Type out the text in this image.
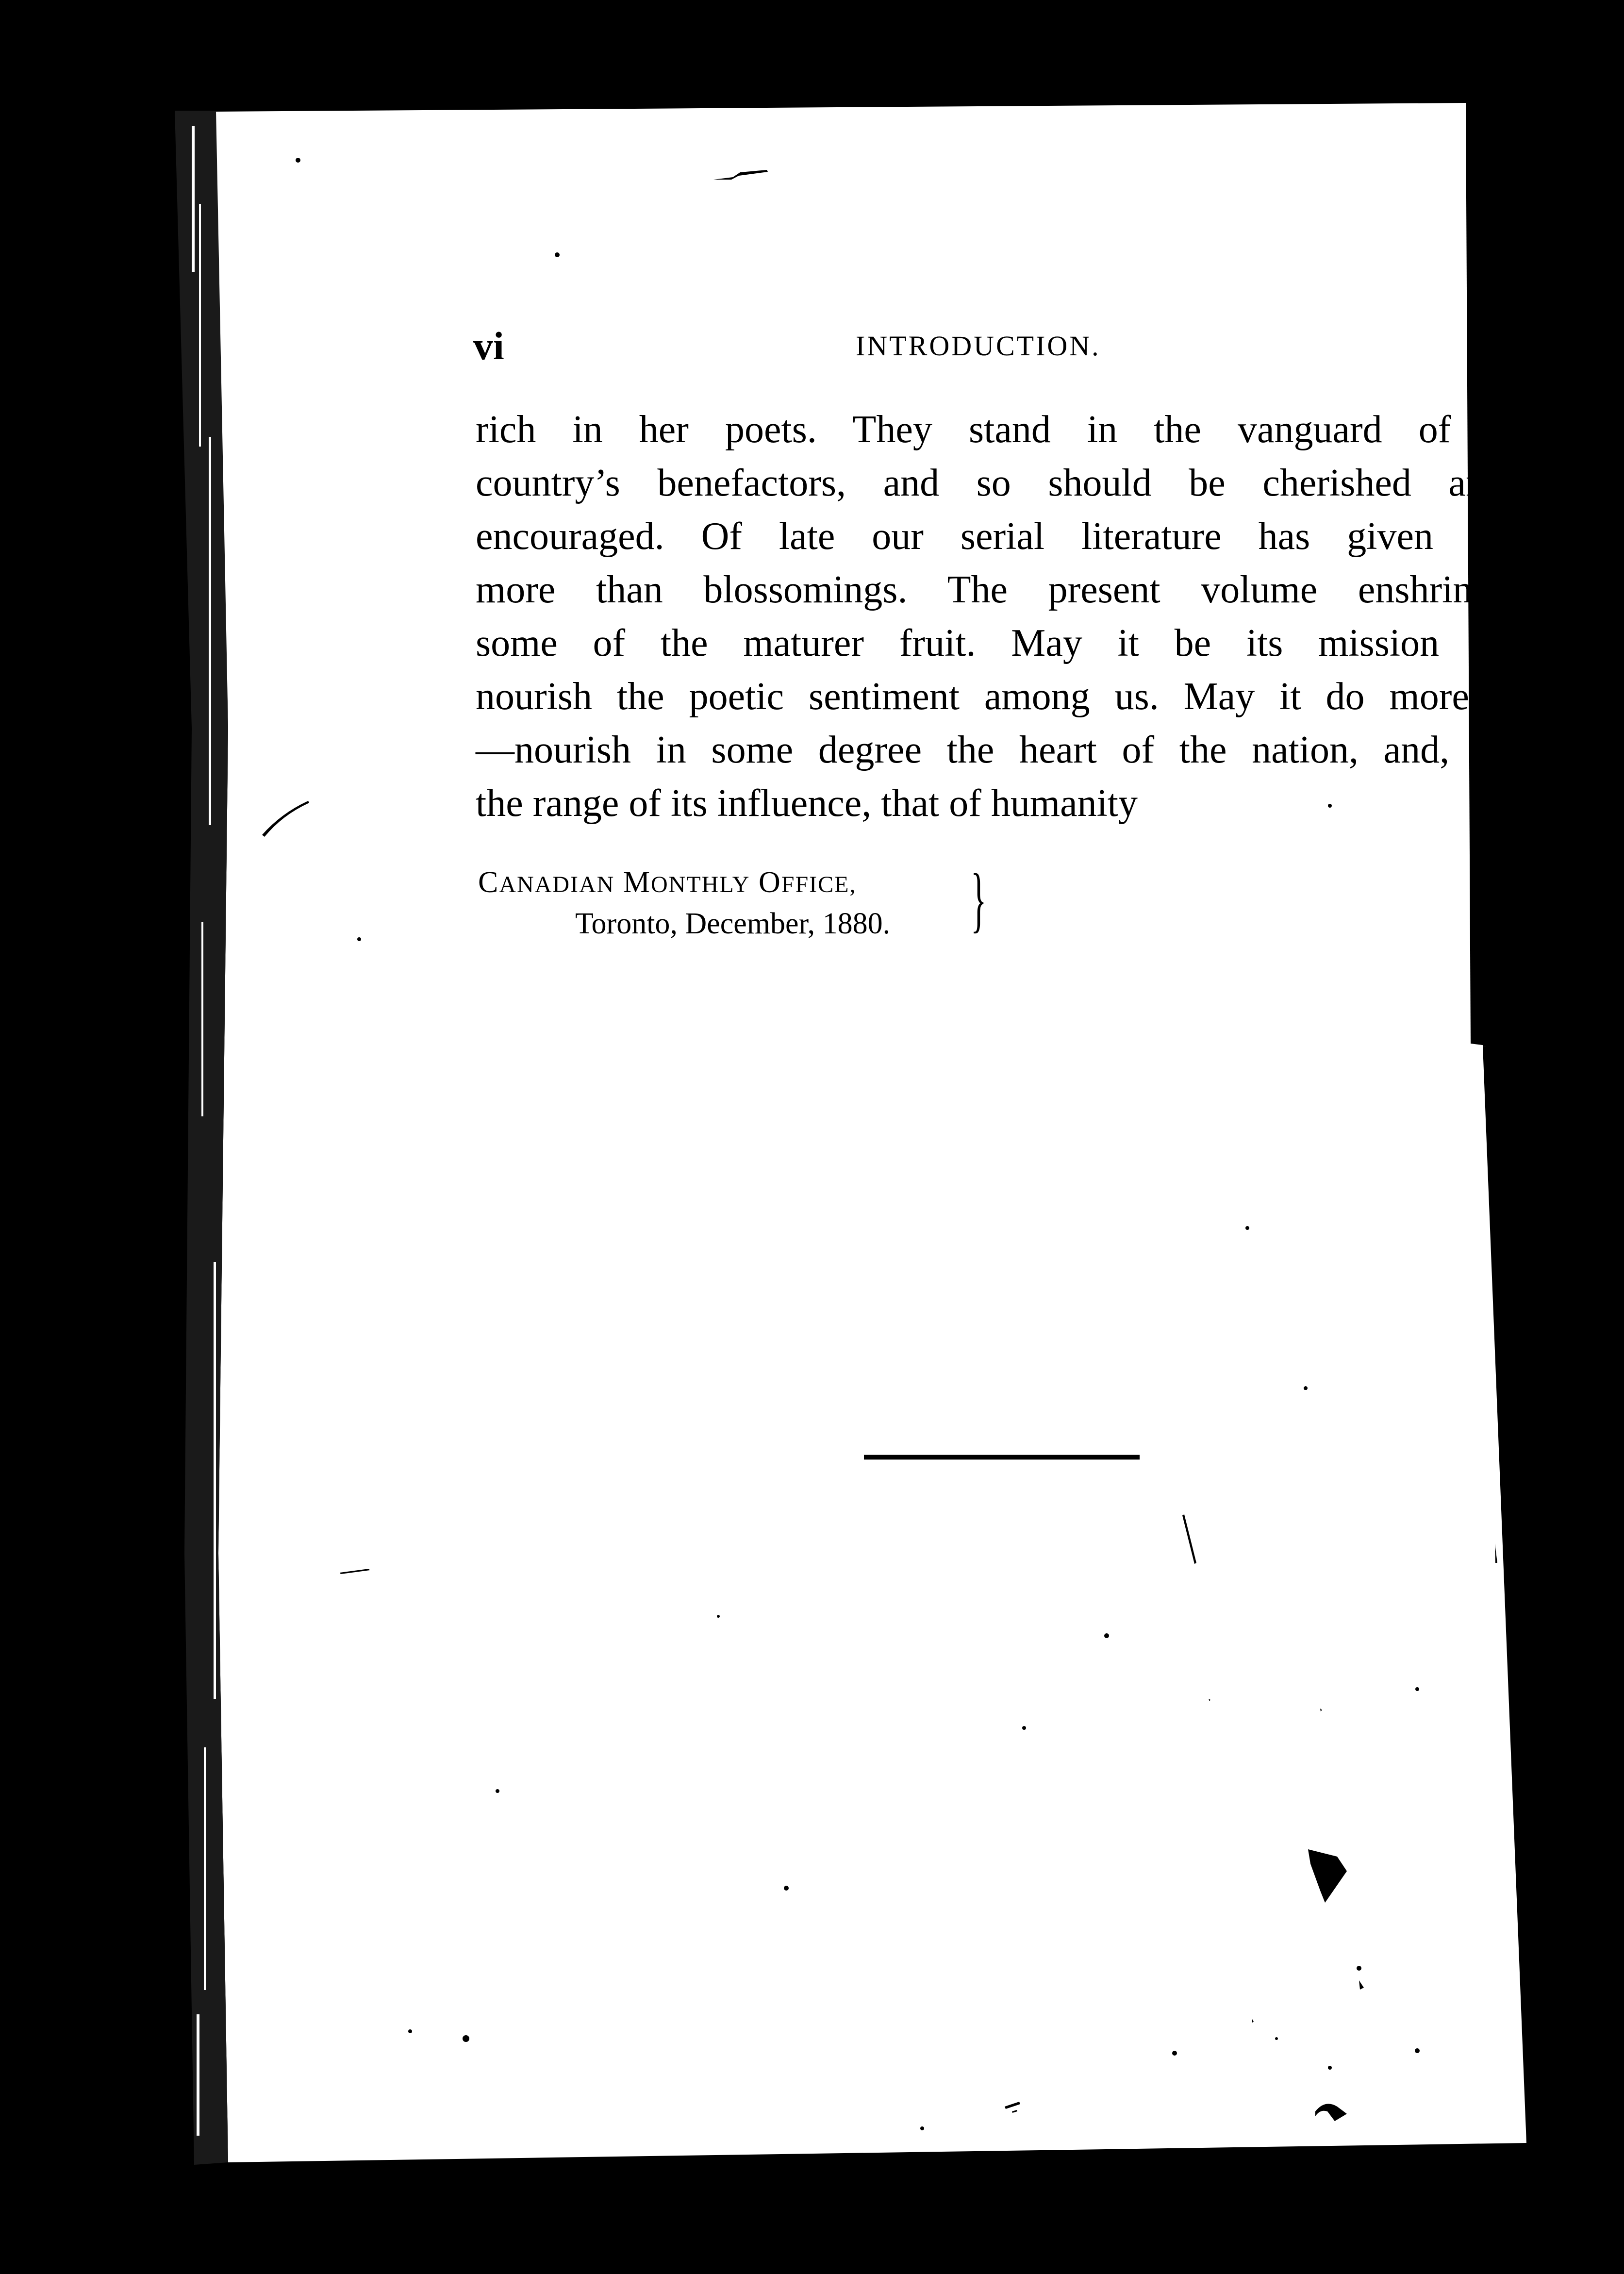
vi	INTRODUCTION.
rich in her poets. They stand in the vanguard of a
country’s benefactors, and so should be cherished and
encouraged. Of late our serial literature has given us
more than blossomings. The present volume enshrines
some of the maturer fruit. May it be its mission to
nourish the poetic sentiment among us. May it do more :
—nourish in some degree the heart of the nation, and, in
the range of its influence, that of humanity
CANADIAN MONTHLY OFFICE,
Toronto, December, 1880. }
